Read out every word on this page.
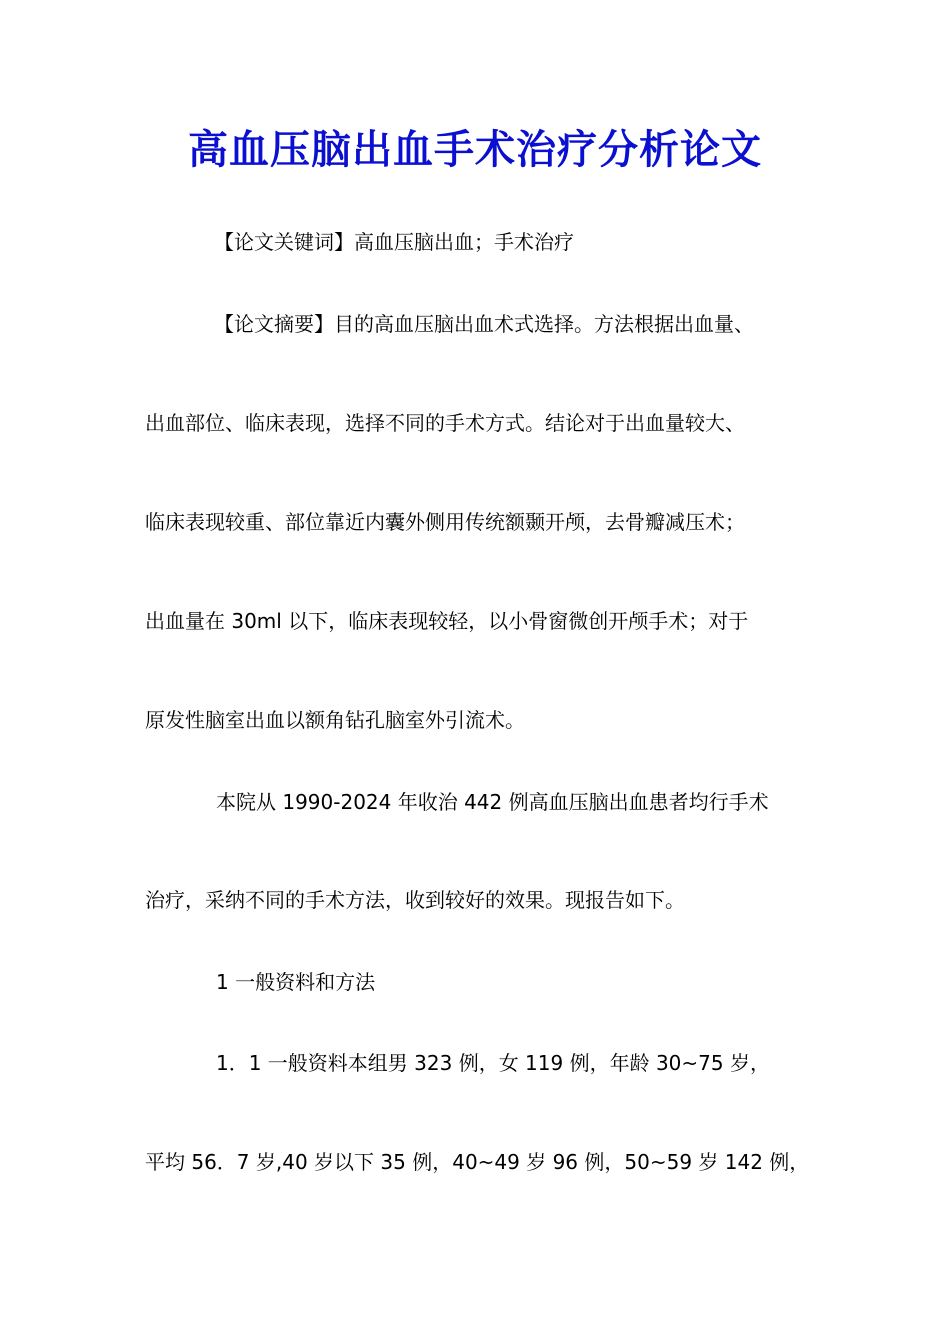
高血压脑出血手术治疗分析论文

【论文关键词】高血压脑出血；手术治疗

【论文摘要】目的高血压脑出血术式选择。方法根据出血量、

出血部位、临床表现，选择不同的手术方式。结论对于出血量较大、

临床表现较重、部位靠近内囊外侧用传统额颞开颅，去骨瓣减压术；

出血量在 30ml 以下，临床表现较轻，以小骨窗微创开颅手术；对于

原发性脑室出血以额角钻孔脑室外引流术。

本院从 1990-2024 年收治 442 例高血压脑出血患者均行手术

治疗，采纳不同的手术方法，收到较好的效果。现报告如下。

1 一般资料和方法

1．1 一般资料本组男 323 例，女 119 例，年龄 30~75 岁，

平均 56．7 岁,40 岁以下 35 例，40~49 岁 96 例，50~59 岁 142 例，
